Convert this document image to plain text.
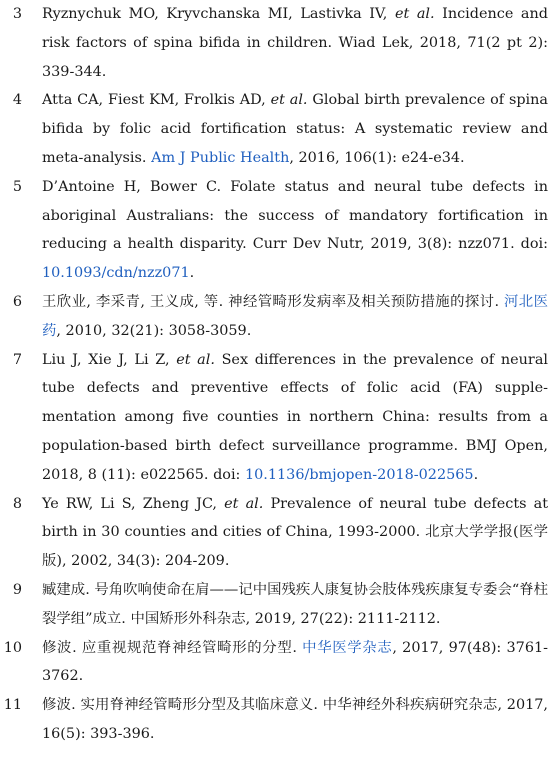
3	Ryznychuk MO, Kryvchanska MI, Lastivka IV, et al. Incidence and risk factors of spina bifida in children. Wiad Lek, 2018, 71(2 pt 2): 339-344.
4	Atta CA, Fiest KM, Frolkis AD, et al. Global birth prevalence of spina bifida by folic acid fortification status: A systematic review and meta-analysis. Am J Public Health, 2016, 106(1): e24-e34.
5	D’Antoine H, Bower C. Folate status and neural tube defects in aboriginal Australians: the success of mandatory fortification in reducing a health disparity. Curr Dev Nutr, 2019, 3(8): nzz071. doi: 10.1093/cdn/nzz071.
6	王欣业, 李采青, 王义成, 等. 神经管畸形发病率及相关预防措施的探讨. 河北医药, 2010, 32(21): 3058-3059.
7	Liu J, Xie J, Li Z, et al. Sex differences in the prevalence of neural tube defects and preventive effects of folic acid (FA) supple-mentation among five counties in northern China: results from a population-based birth defect surveillance programme. BMJ Open, 2018, 8 (11): e022565. doi: 10.1136/bmjopen-2018-022565.
8	Ye RW, Li S, Zheng JC, et al. Prevalence of neural tube defects at birth in 30 counties and cities of China, 1993-2000. 北京大学学报(医学版), 2002, 34(3): 204-209.
9	臧建成. 号角吹响使命在肩——记中国残疾人康复协会肢体残疾康复专委会“脊柱裂学组”成立. 中国矫形外科杂志, 2019, 27(22): 2111-2112.
10	修波. 应重视规范脊神经管畸形的分型. 中华医学杂志, 2017, 97(48): 3761-3762.
11	修波. 实用脊神经管畸形分型及其临床意义. 中华神经外科疾病研究杂志, 2017, 16(5): 393-396.
